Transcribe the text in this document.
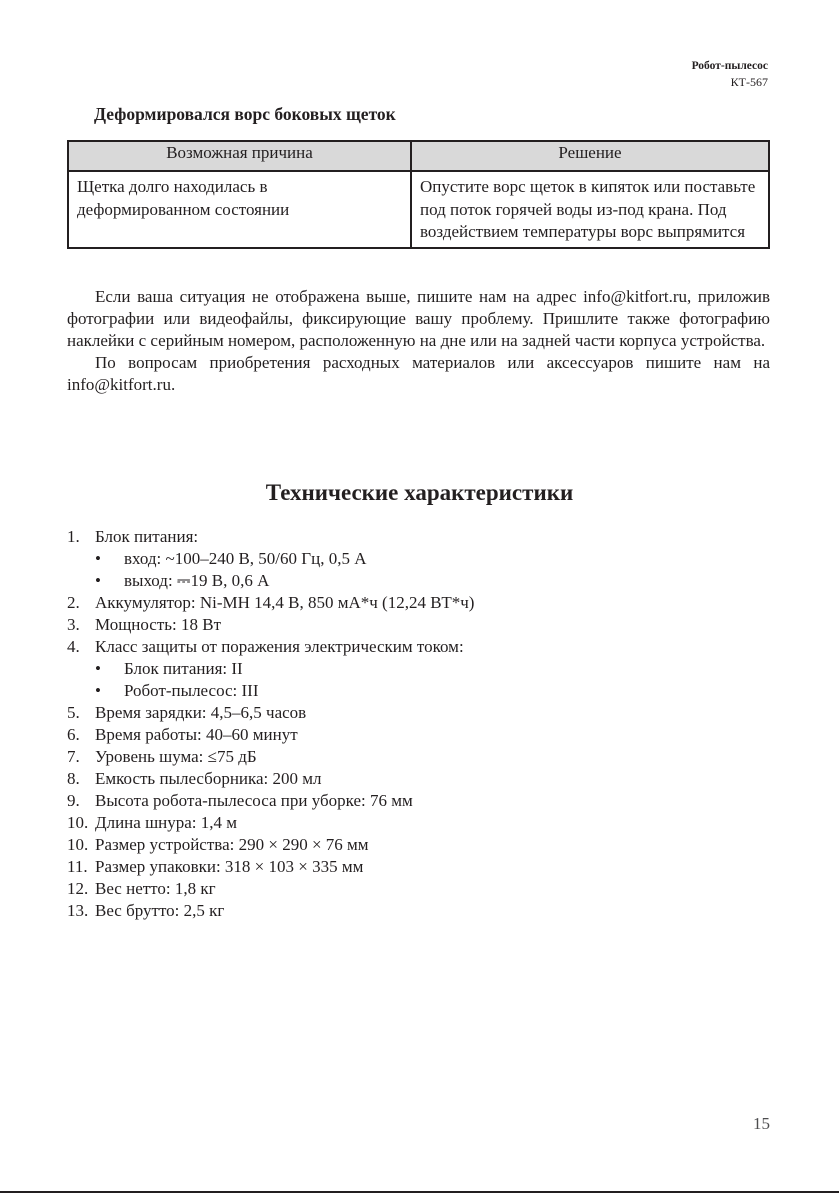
Робот-пылесос
КТ-567
Деформировался ворс боковых щеток
Возможная причина	Решение
Щетка долго находилась в деформированном состоянии	Опустите ворс щеток в кипяток или поставьте под поток горячей воды из-под крана. Под воздействием температуры ворс выпрямится

Если ваша ситуация не отображена выше, пишите нам на адрес info@kitfort.ru, приложив фотографии или видеофайлы, фиксирующие вашу проблему. Пришлите также фотографию наклейки с серийным номером, расположенную на дне или на задней части корпуса устройства.

По вопросам приобретения расходных материалов или аксессуаров пишите нам на info@kitfort.ru.

Технические характеристики
1. Блок питания:
•	вход: ~100–240 В, 50/60 Гц, 0,5 А
•	выход: ⎓19 В, 0,6 А
2. Аккумулятор: Ni-MH 14,4 В, 850 мА*ч (12,24 ВТ*ч)
3. Мощность: 18 Вт
4. Класс защиты от поражения электрическим током:
•	Блок питания: II
•	Робот-пылесос: III
5. Время зарядки: 4,5–6,5 часов
6. Время работы: 40–60 минут
7. Уровень шума: ≤75 дБ
8. Емкость пылесборника: 200 мл
9. Высота робота-пылесоса при уборке: 76 мм
10. Длина шнура: 1,4 м
10. Размер устройства: 290 × 290 × 76 мм
11. Размер упаковки: 318 × 103 × 335 мм
12. Вес нетто: 1,8 кг
13. Вес брутто: 2,5 кг
15
